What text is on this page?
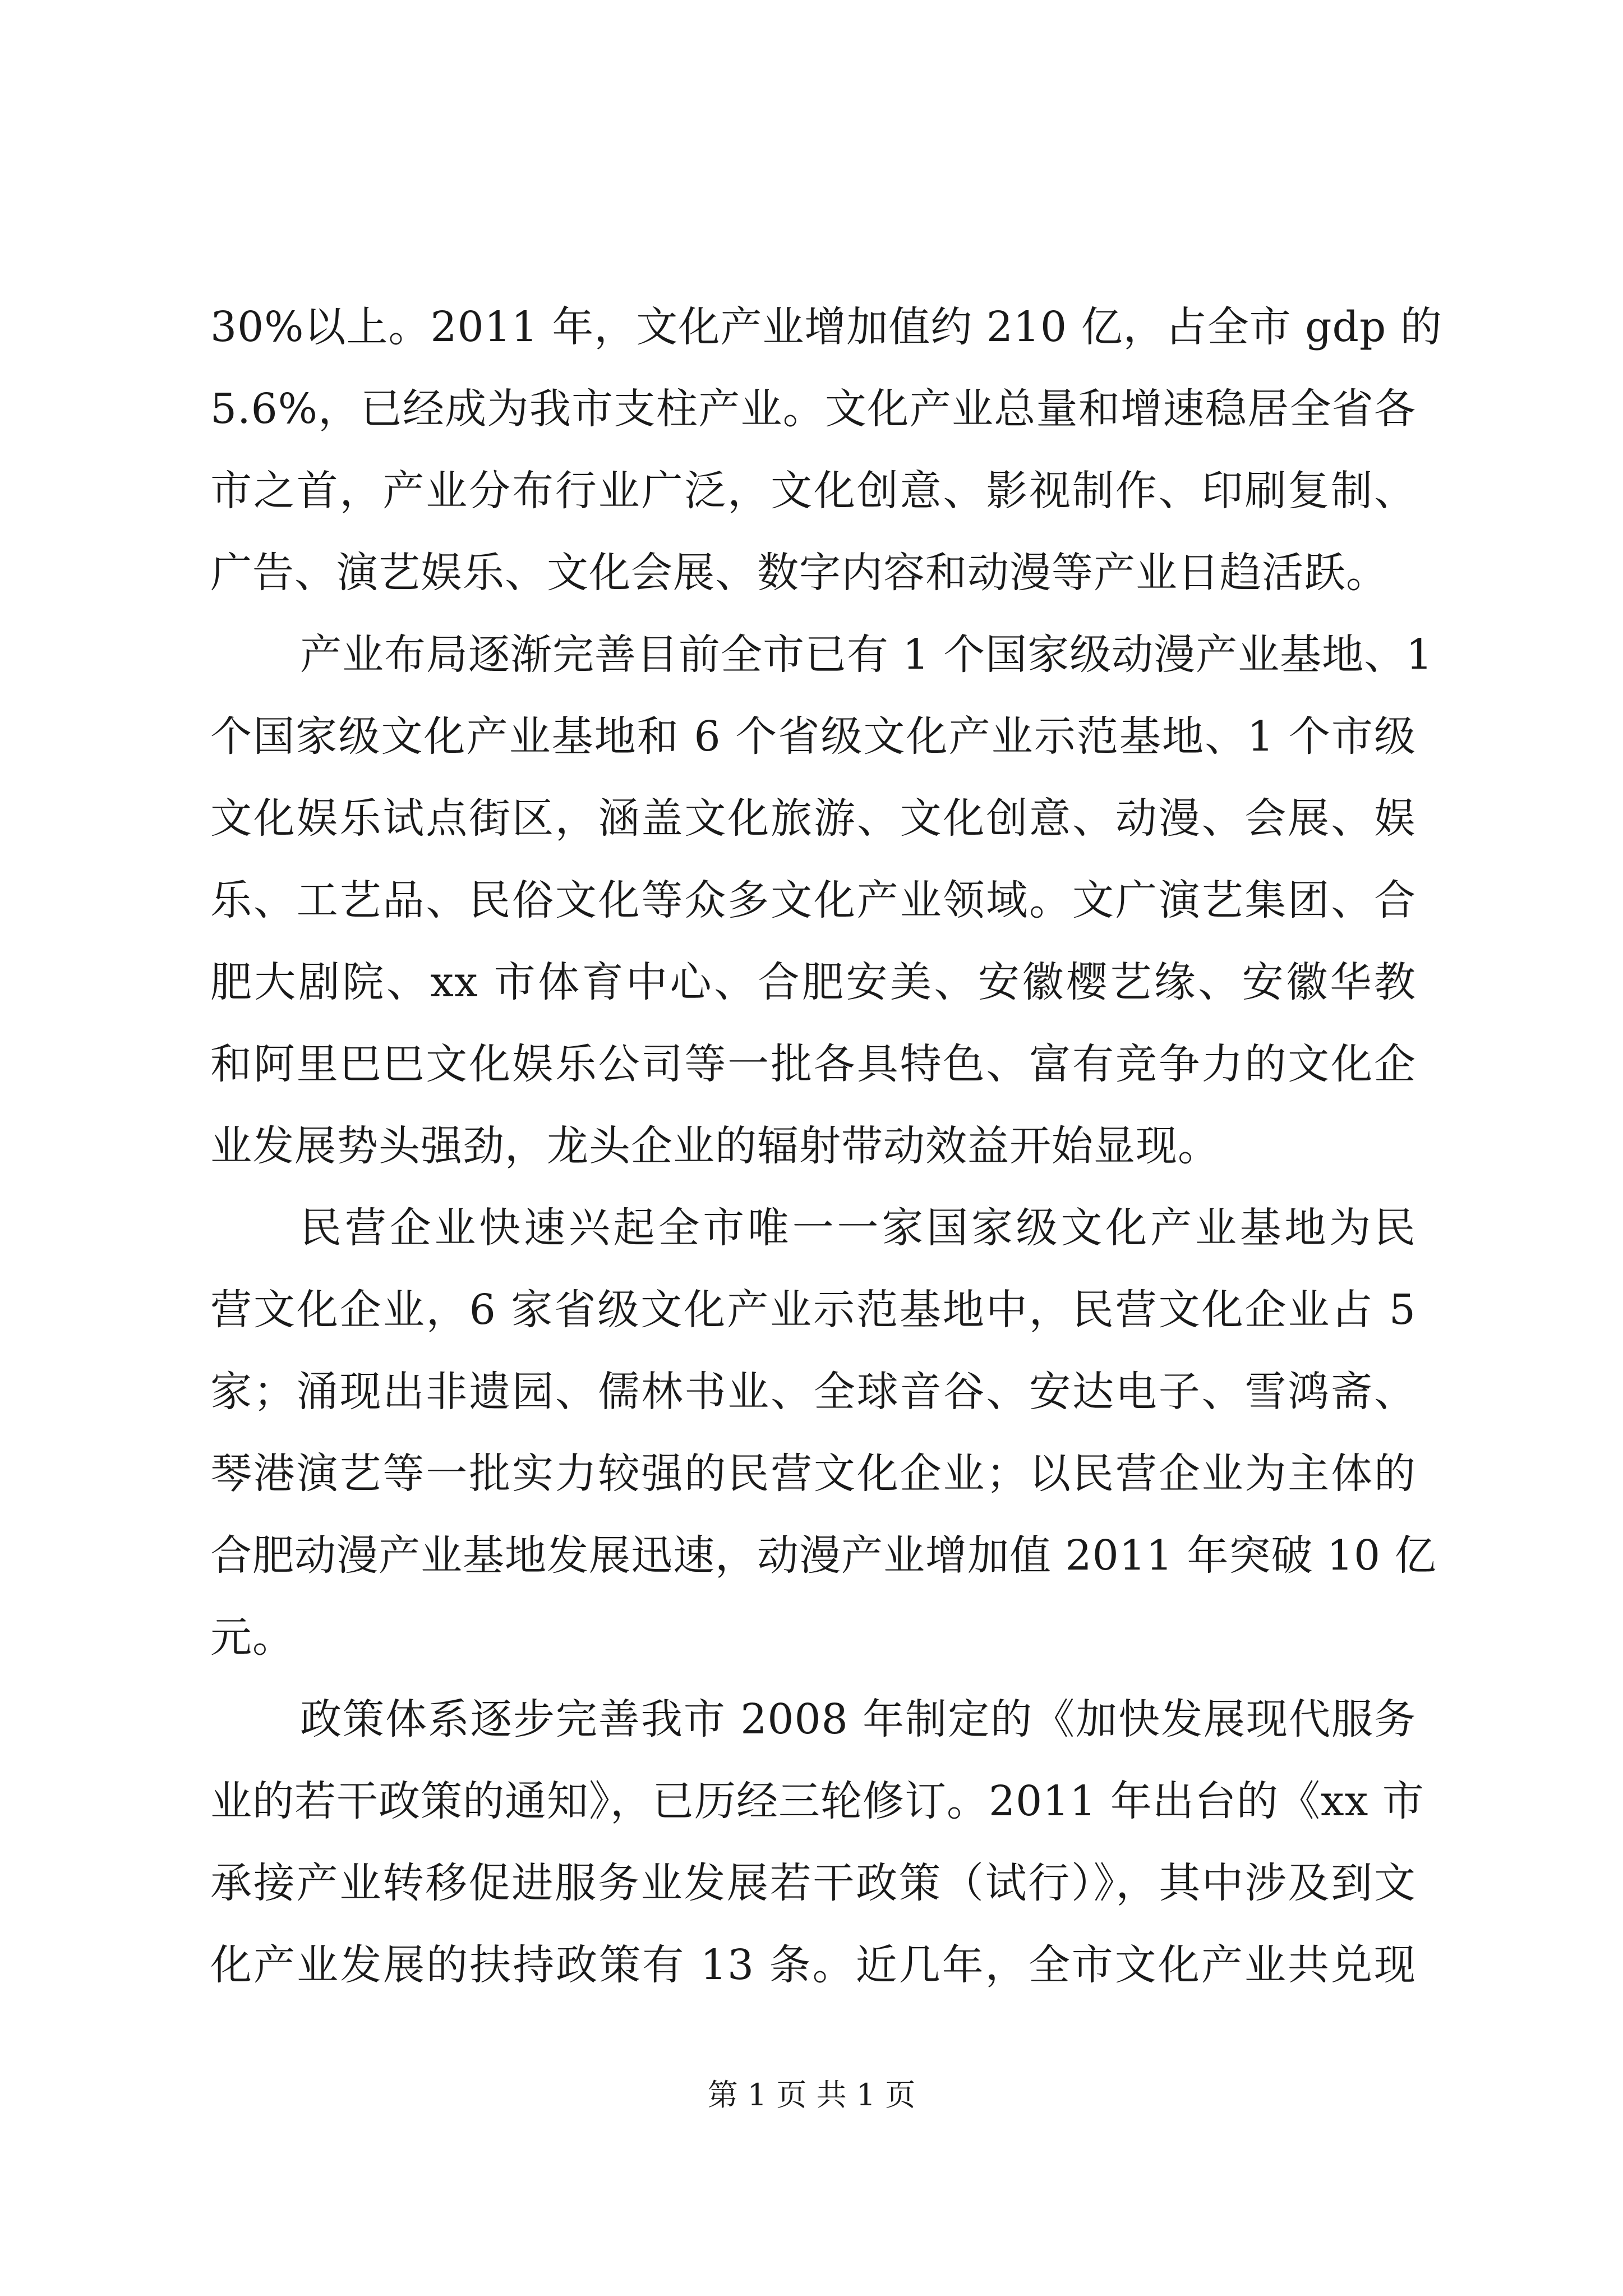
30%以上。2011 年，文化产业增加值约 210 亿，占全市 gdp 的
5.6%，已经成为我市支柱产业。文化产业总量和增速稳居全省各
市之首，产业分布行业广泛，文化创意、影视制作、印刷复制、
广告、演艺娱乐、文化会展、数字内容和动漫等产业日趋活跃。
产业布局逐渐完善目前全市已有 1 个国家级动漫产业基地、1
个国家级文化产业基地和 6 个省级文化产业示范基地、1 个市级
文化娱乐试点街区，涵盖文化旅游、文化创意、动漫、会展、娱
乐、工艺品、民俗文化等众多文化产业领域。文广演艺集团、合
肥大剧院、xx 市体育中心、合肥安美、安徽樱艺缘、安徽华教
和阿里巴巴文化娱乐公司等一批各具特色、富有竞争力的文化企
业发展势头强劲，龙头企业的辐射带动效益开始显现。
民营企业快速兴起全市唯一一家国家级文化产业基地为民
营文化企业，6 家省级文化产业示范基地中，民营文化企业占 5
家；涌现出非遗园、儒林书业、全球音谷、安达电子、雪鸿斋、
琴港演艺等一批实力较强的民营文化企业；以民营企业为主体的
合肥动漫产业基地发展迅速，动漫产业增加值 2011 年突破 10 亿
元。
政策体系逐步完善我市 2008 年制定的《加快发展现代服务
业的若干政策的通知》，已历经三轮修订。2011 年出台的《xx 市
承接产业转移促进服务业发展若干政策（试行）》，其中涉及到文
化产业发展的扶持政策有 13 条。近几年，全市文化产业共兑现
第 1 页 共 1 页
